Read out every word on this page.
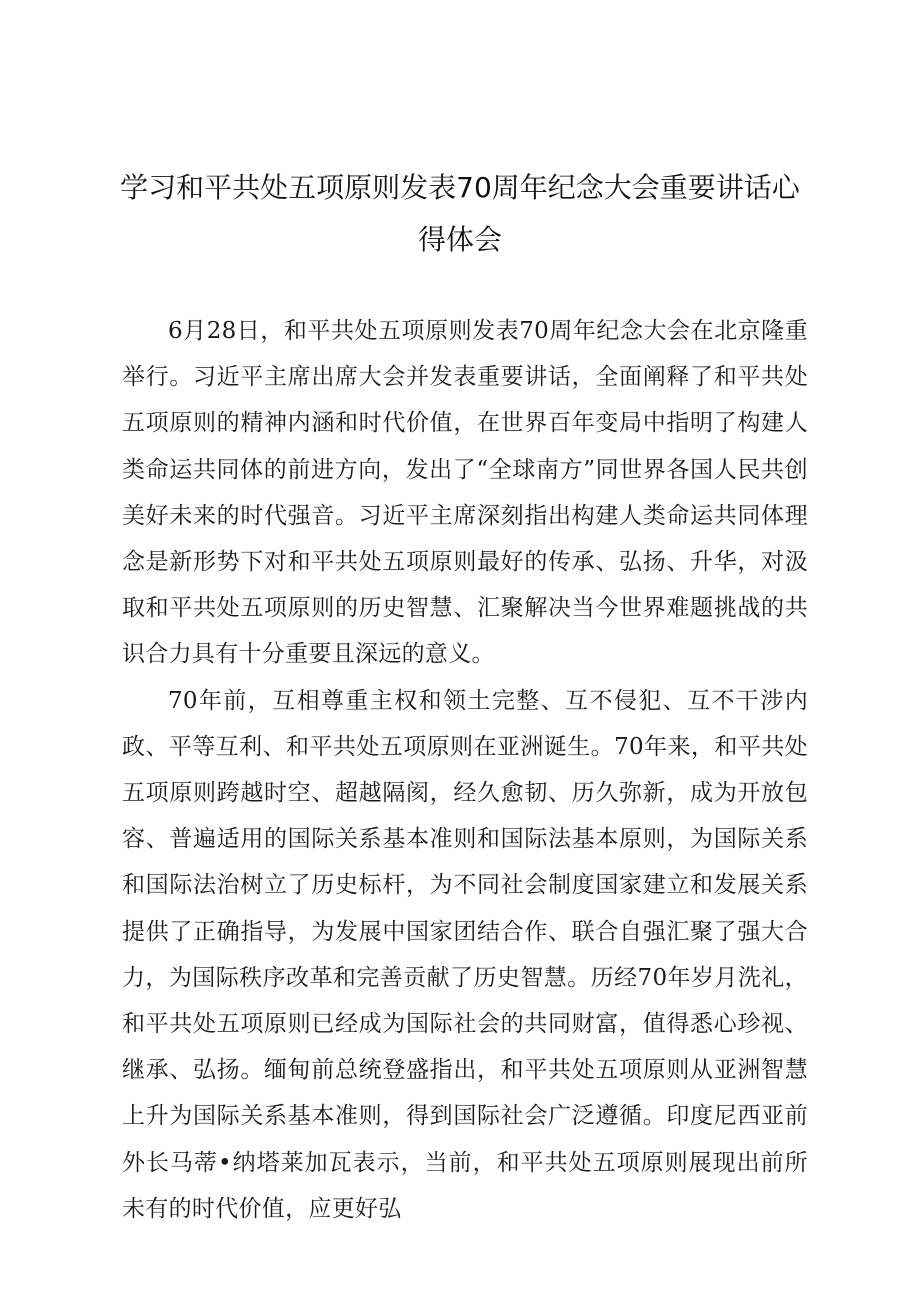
学习和平共处五项原则发表70周年纪念大会重要讲话心得体会

6月28日，和平共处五项原则发表70周年纪念大会在北京隆重举行。习近平主席出席大会并发表重要讲话，全面阐释了和平共处五项原则的精神内涵和时代价值，在世界百年变局中指明了构建人类命运共同体的前进方向，发出了“全球南方”同世界各国人民共创美好未来的时代强音。习近平主席深刻指出构建人类命运共同体理念是新形势下对和平共处五项原则最好的传承、弘扬、升华，对汲取和平共处五项原则的历史智慧、汇聚解决当今世界难题挑战的共识合力具有十分重要且深远的意义。

70年前，互相尊重主权和领土完整、互不侵犯、互不干涉内政、平等互利、和平共处五项原则在亚洲诞生。70年来，和平共处五项原则跨越时空、超越隔阂，经久愈韧、历久弥新，成为开放包容、普遍适用的国际关系基本准则和国际法基本原则，为国际关系和国际法治树立了历史标杆，为不同社会制度国家建立和发展关系提供了正确指导，为发展中国家团结合作、联合自强汇聚了强大合力，为国际秩序改革和完善贡献了历史智慧。历经70年岁月洗礼，和平共处五项原则已经成为国际社会的共同财富，值得悉心珍视、继承、弘扬。缅甸前总统登盛指出，和平共处五项原则从亚洲智慧上升为国际关系基本准则，得到国际社会广泛遵循。印度尼西亚前外长马蒂•纳塔莱加瓦表示，当前，和平共处五项原则展现出前所未有的时代价值，应更好弘
